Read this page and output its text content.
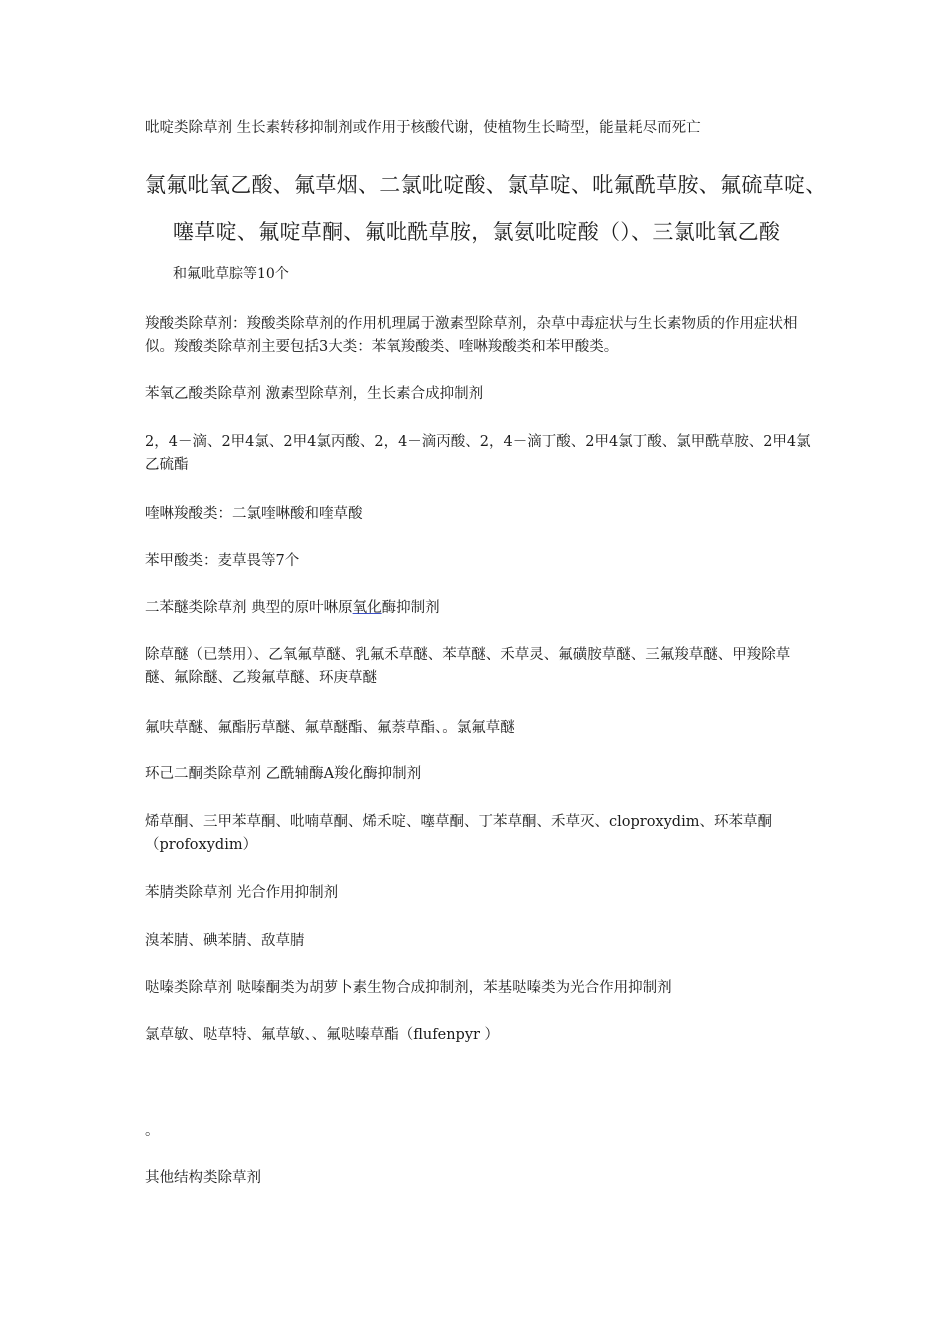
吡啶类除草剂 生长素转移抑制剂或作用于核酸代谢，使植物生长畸型，能量耗尽而死亡
氯氟吡氧乙酸、氟草烟、二氯吡啶酸、氯草啶、吡氟酰草胺、氟硫草啶、
噻草啶、氟啶草酮、氟吡酰草胺，氯氨吡啶酸（）、三氯吡氧乙酸
和氟吡草腙等10个
羧酸类除草剂：羧酸类除草剂的作用机理属于激素型除草剂，杂草中毒症状与生长素物质的作用症状相似。羧酸类除草剂主要包括3大类：苯氧羧酸类、喹啉羧酸类和苯甲酸类。
苯氧乙酸类除草剂 激素型除草剂，生长素合成抑制剂
2，4－滴、2甲4氯、2甲4氯丙酸、2，4－滴丙酸、2，4－滴丁酸、2甲4氯丁酸、氯甲酰草胺、2甲4氯乙硫酯
喹啉羧酸类：二氯喹啉酸和喹草酸
苯甲酸类：麦草畏等7个
二苯醚类除草剂 典型的原叶啉原氧化酶抑制剂
除草醚（已禁用）、乙氧氟草醚、乳氟禾草醚、苯草醚、禾草灵、氟磺胺草醚、三氟羧草醚、甲羧除草醚、氟除醚、乙羧氟草醚、环庚草醚
氟呋草醚、氟酯肟草醚、氟草醚酯、氟萘草酯、。氯氟草醚
环己二酮类除草剂 乙酰辅酶A羧化酶抑制剂
烯草酮、三甲苯草酮、吡喃草酮、烯禾啶、噻草酮、丁苯草酮、禾草灭、cloproxydim、环苯草酮（profoxydim）
苯腈类除草剂 光合作用抑制剂
溴苯腈、碘苯腈、敌草腈
哒嗪类除草剂 哒嗪酮类为胡萝卜素生物合成抑制剂，苯基哒嗪类为光合作用抑制剂
氯草敏、哒草特、氟草敏、、氟哒嗪草酯（flufenpyr ）
。
其他结构类除草剂
